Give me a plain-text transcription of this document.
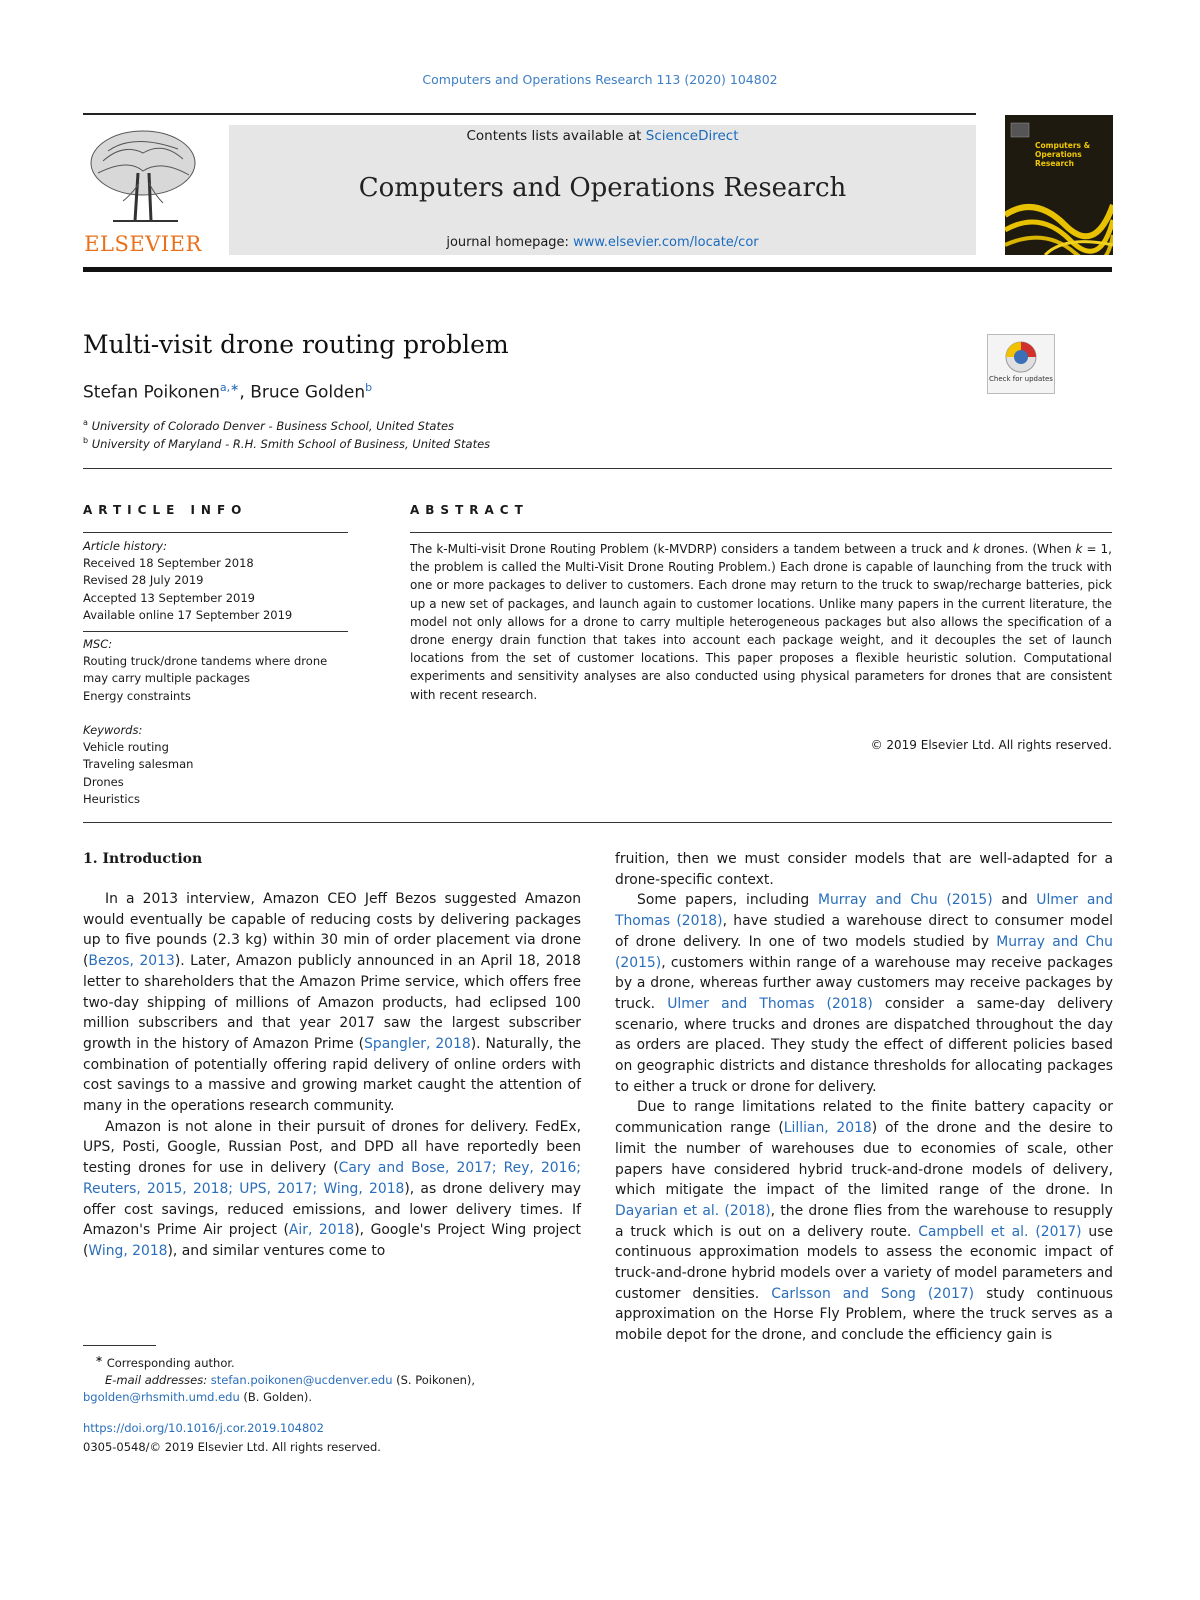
Computers and Operations Research 113 (2020) 104802
ELSEVIER
Contents lists available at ScienceDirect
Computers and Operations Research
journal homepage: www.elsevier.com/locate/cor
Computers & Operations Research
Multi-visit drone routing problem
Stefan Poikonen$^{a,∗}$, Bruce Golden$^b$
$^a$ University of Colorado Denver - Business School, United States
$^b$ University of Maryland - R.H. Smith School of Business, United States
Check for updates
ARTICLE INFO	ABSTRACT
Article history:
Received 18 September 2018
Revised 28 July 2019
Accepted 13 September 2019
Available online 17 September 2019
MSC:
Routing truck/drone tandems where drone
may carry multiple packages
Energy constraints
Keywords:
Vehicle routing
Traveling salesman
Drones
Heuristics
The k-Multi-visit Drone Routing Problem (k-MVDRP) considers a tandem between a truck and k drones. (When k = 1, the problem is called the Multi-Visit Drone Routing Problem.) Each drone is capable of launching from the truck with one or more packages to deliver to customers. Each drone may return to the truck to swap/recharge batteries, pick up a new set of packages, and launch again to customer locations. Unlike many papers in the current literature, the model not only allows for a drone to carry multiple heterogeneous packages but also allows the specification of a drone energy drain function that takes into account each package weight, and it decouples the set of launch locations from the set of customer locations. This paper proposes a flexible heuristic solution. Computational experiments and sensitivity analyses are also conducted using physical parameters for drones that are consistent with recent research.
© 2019 Elsevier Ltd. All rights reserved.
1. Introduction

In a 2013 interview, Amazon CEO Jeff Bezos suggested Amazon would eventually be capable of reducing costs by delivering packages up to five pounds (2.3 kg) within 30 min of order placement via drone (Bezos, 2013). Later, Amazon publicly announced in an April 18, 2018 letter to shareholders that the Amazon Prime service, which offers free two-day shipping of millions of Amazon products, had eclipsed 100 million subscribers and that year 2017 saw the largest subscriber growth in the history of Amazon Prime (Spangler, 2018). Naturally, the combination of potentially offering rapid delivery of online orders with cost savings to a massive and growing market caught the attention of many in the operations research community.

Amazon is not alone in their pursuit of drones for delivery. FedEx, UPS, Posti, Google, Russian Post, and DPD all have reportedly been testing drones for use in delivery (Cary and Bose, 2017; Rey, 2016; Reuters, 2015, 2018; UPS, 2017; Wing, 2018), as drone delivery may offer cost savings, reduced emissions, and lower delivery times. If Amazon's Prime Air project (Air, 2018), Google's Project Wing project (Wing, 2018), and similar ventures come to

fruition, then we must consider models that are well-adapted for a drone-specific context.

Some papers, including Murray and Chu (2015) and Ulmer and Thomas (2018), have studied a warehouse direct to consumer model of drone delivery. In one of two models studied by Murray and Chu (2015), customers within range of a warehouse may receive packages by a drone, whereas further away customers may receive packages by truck. Ulmer and Thomas (2018) consider a same-day delivery scenario, where trucks and drones are dispatched throughout the day as orders are placed. They study the effect of different policies based on geographic districts and distance thresholds for allocating packages to either a truck or drone for delivery.

Due to range limitations related to the finite battery capacity or communication range (Lillian, 2018) of the drone and the desire to limit the number of warehouses due to economies of scale, other papers have considered hybrid truck-and-drone models of delivery, which mitigate the impact of the limited range of the drone. In Dayarian et al. (2018), the drone flies from the warehouse to resupply a truck which is out on a delivery route. Campbell et al. (2017) use continuous approximation models to assess the economic impact of truck-and-drone hybrid models over a variety of model parameters and customer densities. Carlsson and Song (2017) study continuous approximation on the Horse Fly Problem, where the truck serves as a mobile depot for the drone, and conclude the efficiency gain is

∗ Corresponding author.
E-mail addresses: stefan.poikonen@ucdenver.edu (S. Poikonen),
bgolden@rhsmith.umd.edu (B. Golden).
https://doi.org/10.1016/j.cor.2019.104802
0305-0548/© 2019 Elsevier Ltd. All rights reserved.
